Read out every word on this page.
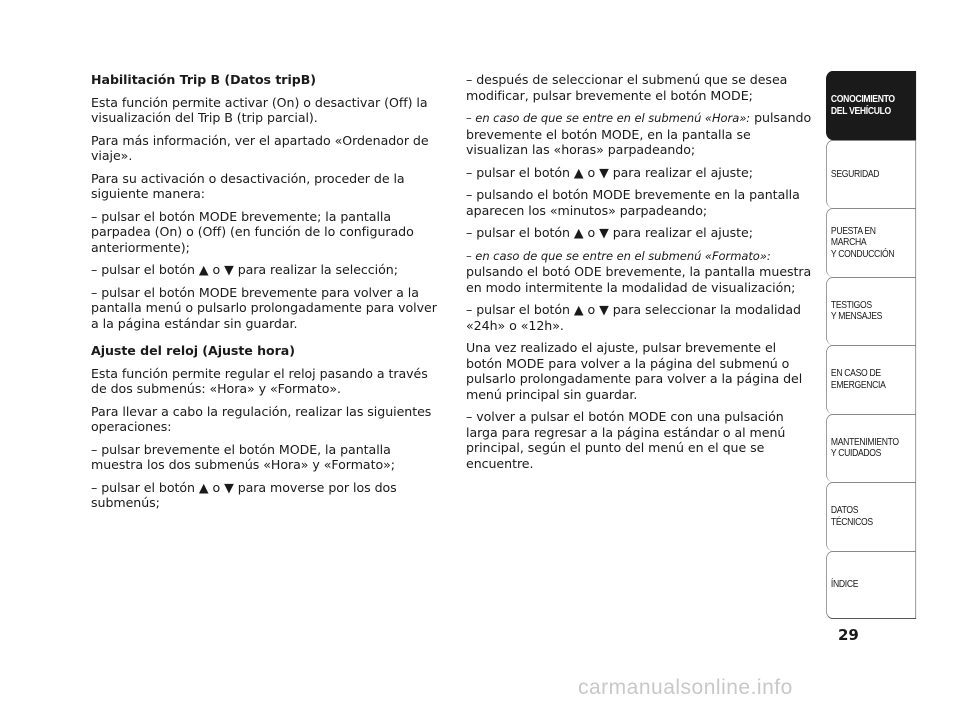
Habilitación Trip B (Datos tripB)

Esta función permite activar (On) o desactivar (Off) la visualización del Trip B (trip parcial).

Para más información, ver el apartado «Ordenador de viaje».

Para su activación o desactivación, proceder de la siguiente manera:

– pulsar el botón MODE brevemente; la pantalla parpadea (On) o (Off) (en función de lo configurado anteriormente);

– pulsar el botón ▲ o ▼ para realizar la selección;

– pulsar el botón MODE brevemente para volver a la pantalla menú o pulsarlo prolongadamente para volver a la página estándar sin guardar.

Ajuste del reloj (Ajuste hora)

Esta función permite regular el reloj pasando a través de dos submenús: «Hora» y «Formato».

Para llevar a cabo la regulación, realizar las siguientes operaciones:

– pulsar brevemente el botón MODE, la pantalla muestra los dos submenús «Hora» y «Formato»;

– pulsar el botón ▲ o ▼ para moverse por los dos submenús;

– después de seleccionar el submenú que se desea modificar, pulsar brevemente el botón MODE;

– en caso de que se entre en el submenú «Hora»: pulsando brevemente el botón MODE, en la pantalla se visualizan las «horas» parpadeando;

– pulsar el botón ▲ o ▼ para realizar el ajuste;

– pulsando el botón MODE brevemente en la pantalla aparecen los «minutos» parpadeando;

– pulsar el botón ▲ o ▼ para realizar el ajuste;

– en caso de que se entre en el submenú «Formato»:
pulsando el botó ODE brevemente, la pantalla muestra en modo intermitente la modalidad de visualización;

– pulsar el botón ▲ o ▼ para seleccionar la modalidad «24h» o «12h».

Una vez realizado el ajuste, pulsar brevemente el botón MODE para volver a la página del submenú o pulsarlo prolongadamente para volver a la página del menú principal sin guardar.

– volver a pulsar el botón MODE con una pulsación larga para regresar a la página estándar o al menú principal, según el punto del menú en el que se encuentre.

CONOCIMIENTO
DEL VEHÍCULO
SEGURIDAD
PUESTA EN
MARCHA
Y CONDUCCIÓN
TESTIGOS
Y MENSAJES
EN CASO DE
EMERGENCIA
MANTENIMIENTO
Y CUIDADOS
DATOS
TÉCNICOS
ÍNDICE
29
carmanualsonline.info
